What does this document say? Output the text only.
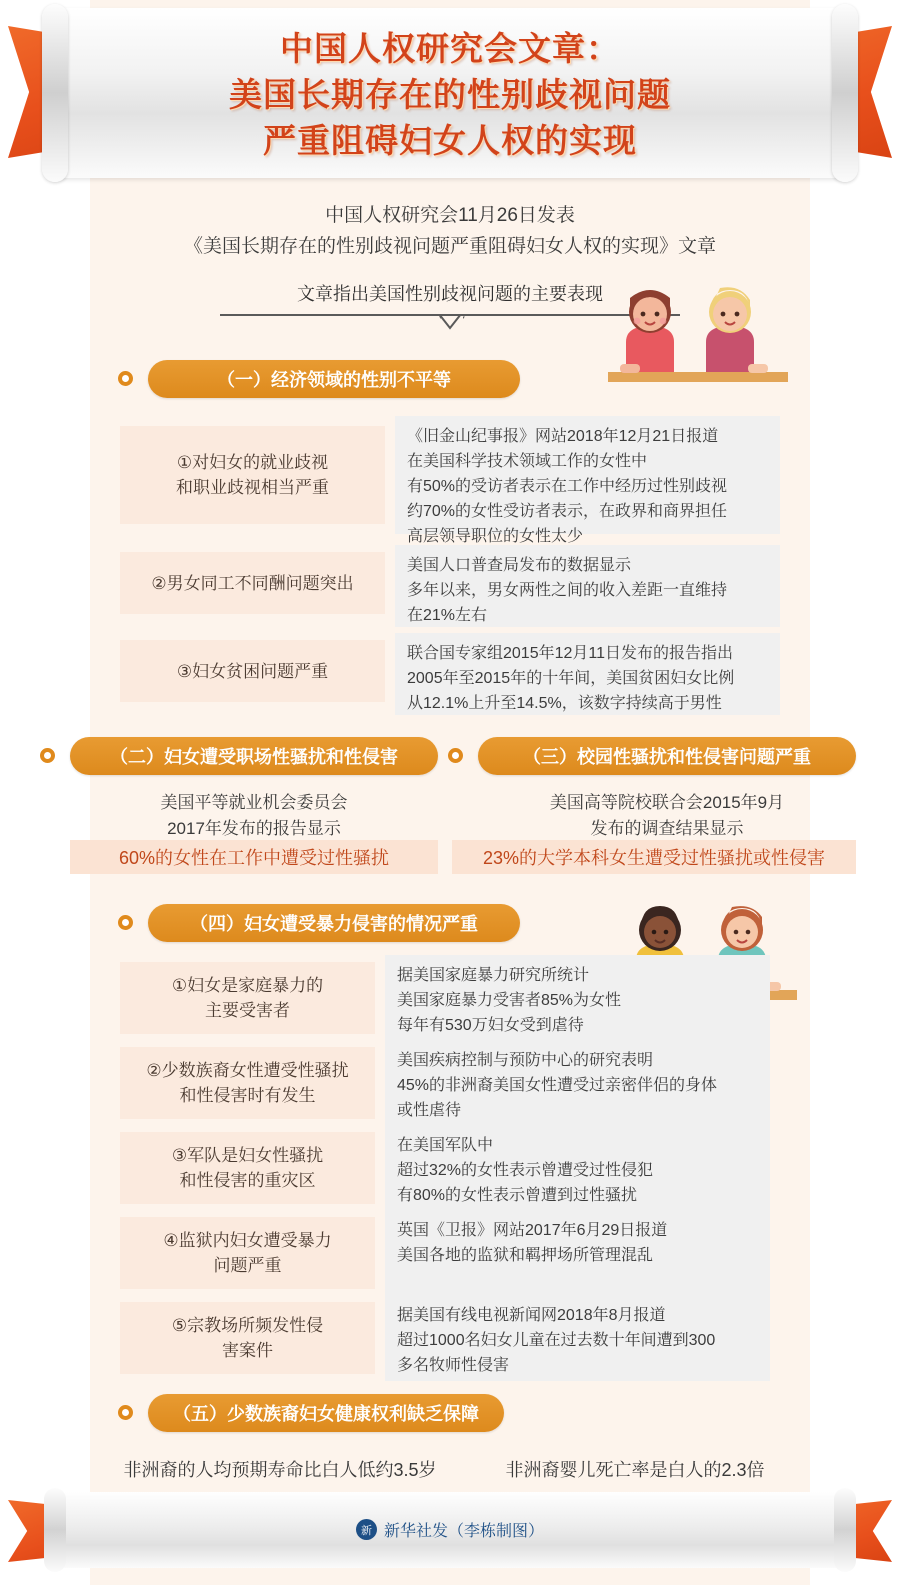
中国人权研究会文章：
美国长期存在的性别歧视问题
严重阻碍妇女人权的实现
中国人权研究会11月26日发表
《美国长期存在的性别歧视问题严重阻碍妇女人权的实现》文章
文章指出美国性别歧视问题的主要表现
（一）经济领域的性别不平等
①对妇女的就业歧视
和职业歧视相当严重
《旧金山纪事报》网站2018年12月21日报道
在美国科学技术领域工作的女性中
有50%的受访者表示在工作中经历过性别歧视
约70%的女性受访者表示，在政界和商界担任
高层领导职位的女性太少
②男女同工不同酬问题突出
美国人口普查局发布的数据显示
多年以来，男女两性之间的收入差距一直维持
在21%左右
③妇女贫困问题严重
联合国专家组2015年12月11日发布的报告指出
2005年至2015年的十年间，美国贫困妇女比例
从12.1%上升至14.5%，该数字持续高于男性
（二）妇女遭受职场性骚扰和性侵害
美国平等就业机会委员会
2017年发布的报告显示
60%的女性在工作中遭受过性骚扰
（三）校园性骚扰和性侵害问题严重
美国高等院校联合会2015年9月
发布的调查结果显示
23%的大学本科女生遭受过性骚扰或性侵害
（四）妇女遭受暴力侵害的情况严重
①妇女是家庭暴力的
主要受害者
据美国家庭暴力研究所统计
美国家庭暴力受害者85%为女性
每年有530万妇女受到虐待
②少数族裔女性遭受性骚扰
和性侵害时有发生
美国疾病控制与预防中心的研究表明
45%的非洲裔美国女性遭受过亲密伴侣的身体
或性虐待
③军队是妇女性骚扰
和性侵害的重灾区
在美国军队中
超过32%的女性表示曾遭受过性侵犯
有80%的女性表示曾遭到过性骚扰
④监狱内妇女遭受暴力
问题严重
英国《卫报》网站2017年6月29日报道
美国各地的监狱和羁押场所管理混乱
⑤宗教场所频发性侵
害案件
据美国有线电视新闻网2018年8月报道
超过1000名妇女儿童在过去数十年间遭到300
多名牧师性侵害
（五）少数族裔妇女健康权利缺乏保障
非洲裔的人均预期寿命比白人低约3.5岁	非洲裔婴儿死亡率是白人的2.3倍
新 新华社发（李栋制图）
